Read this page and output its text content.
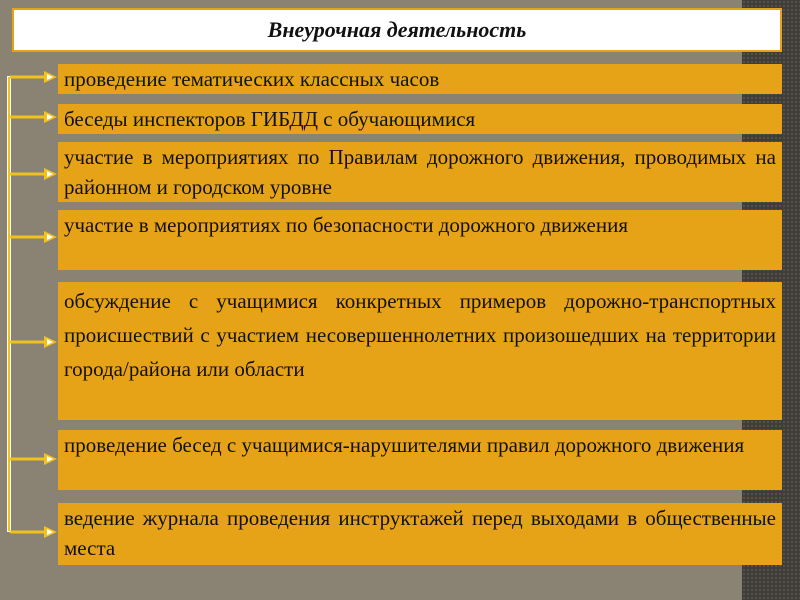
Внеурочная деятельность
проведение тематических классных часов
беседы инспекторов ГИБДД с обучающимися
участие в мероприятиях по Правилам дорожного движения, проводимых на районном и городском уровне
участие в мероприятиях по безопасности дорожного движения
обсуждение с учащимися конкретных примеров дорожно-транспортных происшествий с участием несовершеннолетних произошедших на территории города/района или области
проведение бесед с учащимися-нарушителями правил дорожного движения
ведение журнала проведения инструктажей перед выходами в общественные места
